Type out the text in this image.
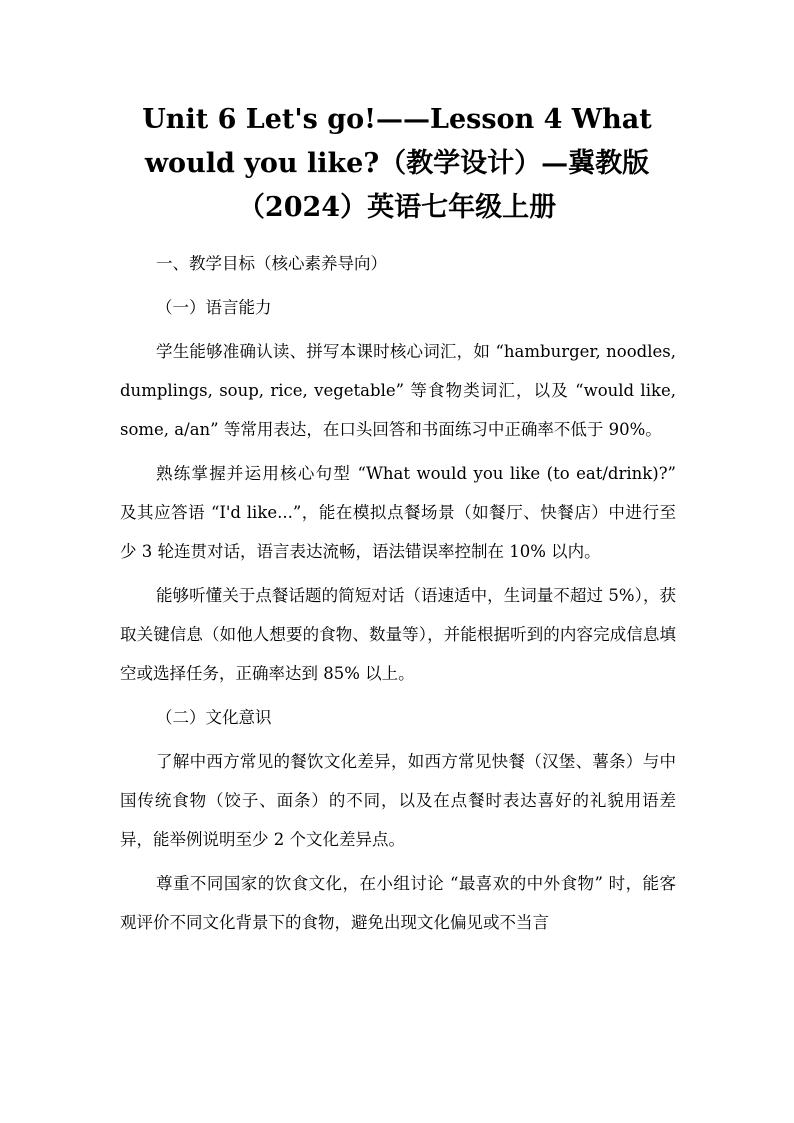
Unit 6 Let's go!——Lesson 4 What
would you like?（教学设计）—冀教版
（2024）英语七年级上册

一、教学目标（核心素养导向）

（一）语言能力

学生能够准确认读、拼写本课时核心词汇，如 “hamburger, noodles, dumplings, soup, rice, vegetable” 等食物类词汇，以及 “would like, some, a/an” 等常用表达，在口头回答和书面练习中正确率不低于 90%。

熟练掌握并运用核心句型 “What would you like (to eat/drink)?” 及其应答语 “I'd like...”，能在模拟点餐场景（如餐厅、快餐店）中进行至少 3 轮连贯对话，语言表达流畅，语法错误率控制在 10% 以内。

能够听懂关于点餐话题的简短对话（语速适中，生词量不超过 5%），获取关键信息（如他人想要的食物、数量等），并能根据听到的内容完成信息填空或选择任务，正确率达到 85% 以上。

（二）文化意识

了解中西方常见的餐饮文化差异，如西方常见快餐（汉堡、薯条）与中国传统食物（饺子、面条）的不同，以及在点餐时表达喜好的礼貌用语差异，能举例说明至少 2 个文化差异点。

尊重不同国家的饮食文化，在小组讨论 “最喜欢的中外食物” 时，能客观评价不同文化背景下的食物，避免出现文化偏见或不当言
